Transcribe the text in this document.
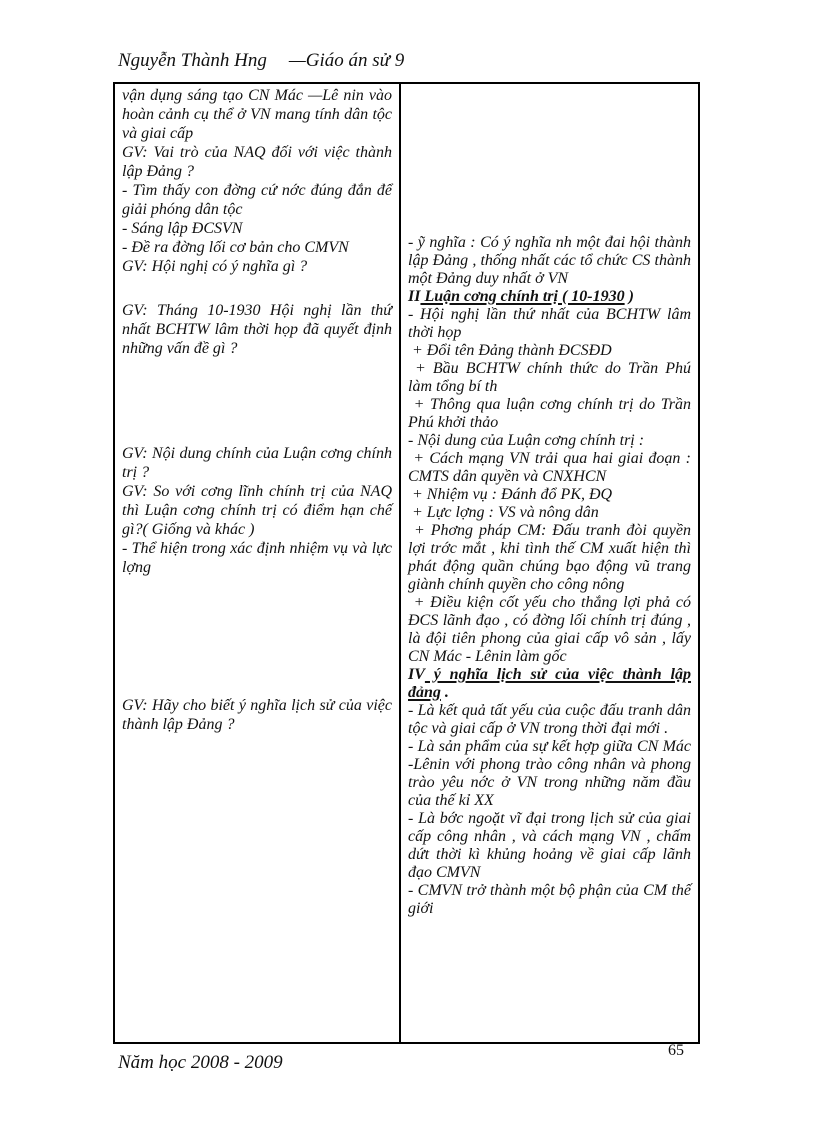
Nguyễn Thành Hng —Giáo án sử 9

vận dụng sáng tạo CN Mác —Lê nin vào hoàn cảnh cụ thể ở VN mang tính dân tộc và giai cấp

GV: Vai trò của NAQ đối với việc thành lập Đảng ?

- Tìm thấy con đờng cứ nớc đúng đắn để giải phóng dân tộc

- Sáng lập ĐCSVN

- Đề ra đờng lối cơ bản cho CMVN

GV: Hội nghị có ý nghĩa gì ?

GV: Tháng 10-1930 Hội nghị lần thứ nhất BCHTW lâm thời họp đã quyết định những vấn đề gì ?

GV: Nội dung chính của Luận cơng chính trị ?

GV: So với cơng lĩnh chính trị của NAQ thì Luận cơng chính trị có điểm hạn chế gì?( Giống và khác )

- Thể hiện trong xác định nhiệm vụ và lực lợng

GV: Hãy cho biết ý nghĩa lịch sử của việc thành lập Đảng ?

- ỹ nghĩa : Có ý nghĩa nh một đai hội thành lập Đảng , thống nhất các tổ chức CS thành một Đảng duy nhất ở VN

II Luận cơng chính trị ( 10-1930 )

- Hội nghị lần thứ nhất của BCHTW lâm thời họp

+ Đổi tên Đảng thành ĐCSĐD

+ Bầu BCHTW chính thức do Trần Phú làm tổng bí th

+ Thông qua luận cơng chính trị do Trần Phú khởi thảo

- Nội dung của Luận cơng chính trị :

+ Cách mạng VN trải qua hai giai đoạn : CMTS dân quyền và CNXHCN

+ Nhiệm vụ : Đánh đổ PK, ĐQ

+ Lực lợng : VS và nông dân

+ Phơng pháp CM: Đấu tranh đòi quyền lợi trớc mắt , khi tình thế CM xuất hiện thì phát động quần chúng bạo động vũ trang giành chính quyền cho công nông

+ Điều kiện cốt yếu cho thắng lợi phả có ĐCS lãnh đạo , có đờng lối chính trị đúng , là đội tiên phong của giai cấp vô sản , lấy CN Mác - Lênin làm gốc

IV ý nghĩa lịch sử của việc thành lập đảng .

- Là kết quả tất yếu của cuộc đấu tranh dân tộc và giai cấp ở VN trong thời đại mới .

- Là sản phẩm của sự kết hợp giữa CN Mác -Lênin với phong trào công nhân và phong trào yêu nớc ở VN trong những năm đầu của thế kỉ XX

- Là bớc ngoặt vĩ đại trong lịch sử của giai cấp công nhân , và cách mạng VN , chấm dứt thời kì khủng hoảng về giai cấp lãnh đạo CMVN

- CMVN trở thành một bộ phận của CM thế giới

Năm học 2008 - 2009
65
